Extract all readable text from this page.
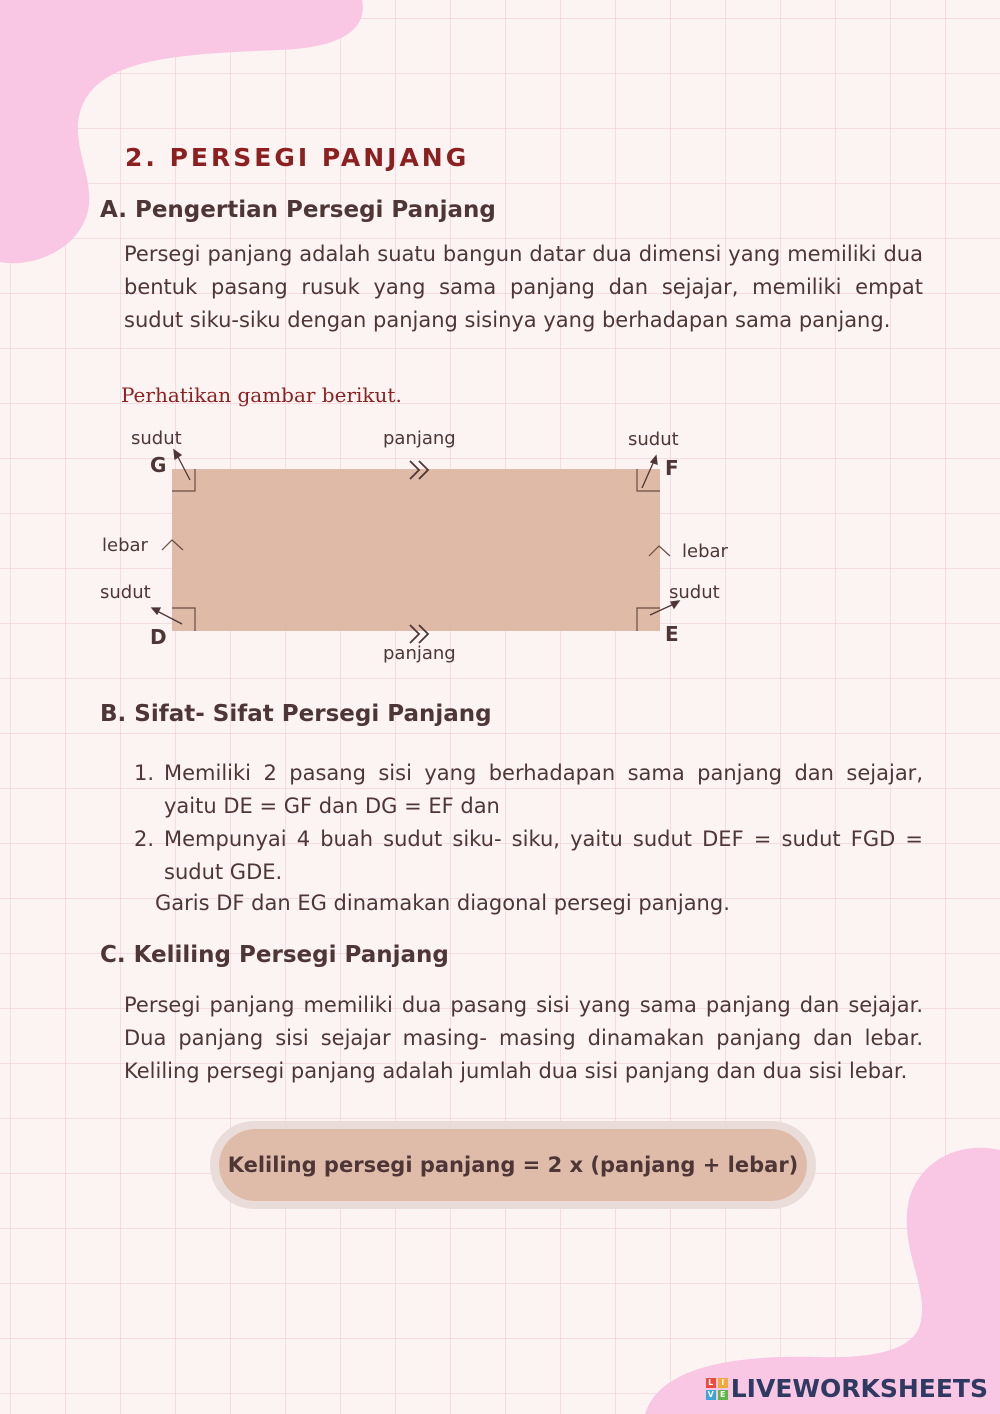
2. PERSEGI PANJANG
A. Pengertian Persegi Panjang

Persegi panjang adalah suatu bangun datar dua dimensi yang memiliki dua bentuk pasang rusuk yang sama panjang dan sejajar, memiliki empat sudut siku-siku dengan panjang sisinya yang berhadapan sama panjang.

Perhatikan gambar berikut.

G	F
D	E
panjang
panjang
lebar	lebar
sudut	sudut
sudut	sudut
B. Sifat- Sifat Persegi Panjang
1. Memiliki 2 pasang sisi yang berhadapan sama panjang dan sejajar, yaitu DE = GF dan DG = EF dan
2. Mempunyai 4 buah sudut siku- siku, yaitu sudut DEF = sudut FGD = sudut GDE.

Garis DF dan EG dinamakan diagonal persegi panjang.

C. Keliling Persegi Panjang

Persegi panjang memiliki dua pasang sisi yang sama panjang dan sejajar. Dua panjang sisi sejajar masing- masing dinamakan panjang dan lebar. Keliling persegi panjang adalah jumlah dua sisi panjang dan dua sisi lebar.

Keliling persegi panjang = 2 x (panjang + lebar)
L I
V E LIVEWORKSHEETS
